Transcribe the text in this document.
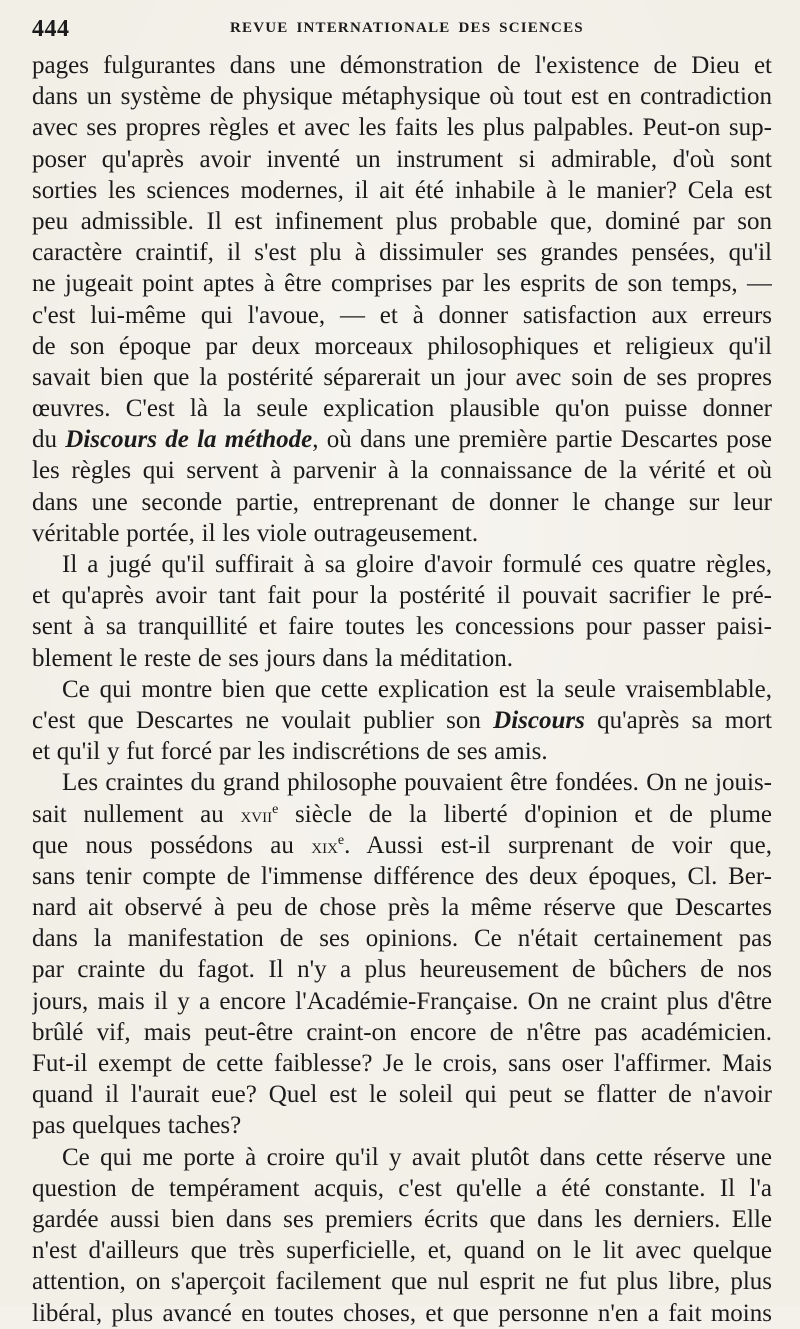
444	REVUE INTERNATIONALE DES SCIENCES
pages fulgurantes dans une démonstration de l'existence de Dieu et
dans un système de physique métaphysique où tout est en contradiction
avec ses propres règles et avec les faits les plus palpables. Peut-on sup-
poser qu'après avoir inventé un instrument si admirable, d'où sont
sorties les sciences modernes, il ait été inhabile à le manier? Cela est
peu admissible. Il est infinement plus probable que, dominé par son
caractère craintif, il s'est plu à dissimuler ses grandes pensées, qu'il
ne jugeait point aptes à être comprises par les esprits de son temps, —
c'est lui-même qui l'avoue, — et à donner satisfaction aux erreurs
de son époque par deux morceaux philosophiques et religieux qu'il
savait bien que la postérité séparerait un jour avec soin de ses propres
œuvres. C'est là la seule explication plausible qu'on puisse donner
du Discours de la méthode, où dans une première partie Descartes pose
les règles qui servent à parvenir à la connaissance de la vérité et où
dans une seconde partie, entreprenant de donner le change sur leur
véritable portée, il les viole outrageusement.
Il a jugé qu'il suffirait à sa gloire d'avoir formulé ces quatre règles,
et qu'après avoir tant fait pour la postérité il pouvait sacrifier le pré-
sent à sa tranquillité et faire toutes les concessions pour passer paisi-
blement le reste de ses jours dans la méditation.
Ce qui montre bien que cette explication est la seule vraisemblable,
c'est que Descartes ne voulait publier son Discours qu'après sa mort
et qu'il y fut forcé par les indiscrétions de ses amis.
Les craintes du grand philosophe pouvaient être fondées. On ne jouis-
sait nullement au xvii$^e$ siècle de la liberté d'opinion et de plume
que nous possédons au xix$^e$. Aussi est-il surprenant de voir que,
sans tenir compte de l'immense différence des deux époques, Cl. Ber-
nard ait observé à peu de chose près la même réserve que Descartes
dans la manifestation de ses opinions. Ce n'était certainement pas
par crainte du fagot. Il n'y a plus heureusement de bûchers de nos
jours, mais il y a encore l'Académie-Française. On ne craint plus d'être
brûlé vif, mais peut-être craint-on encore de n'être pas académicien.
Fut-il exempt de cette faiblesse? Je le crois, sans oser l'affirmer. Mais
quand il l'aurait eue? Quel est le soleil qui peut se flatter de n'avoir
pas quelques taches?
Ce qui me porte à croire qu'il y avait plutôt dans cette réserve une
question de tempérament acquis, c'est qu'elle a été constante. Il l'a
gardée aussi bien dans ses premiers écrits que dans les derniers. Elle
n'est d'ailleurs que très superficielle, et, quand on le lit avec quelque
attention, on s'aperçoit facilement que nul esprit ne fut plus libre, plus
libéral, plus avancé en toutes choses, et que personne n'en a fait moins
